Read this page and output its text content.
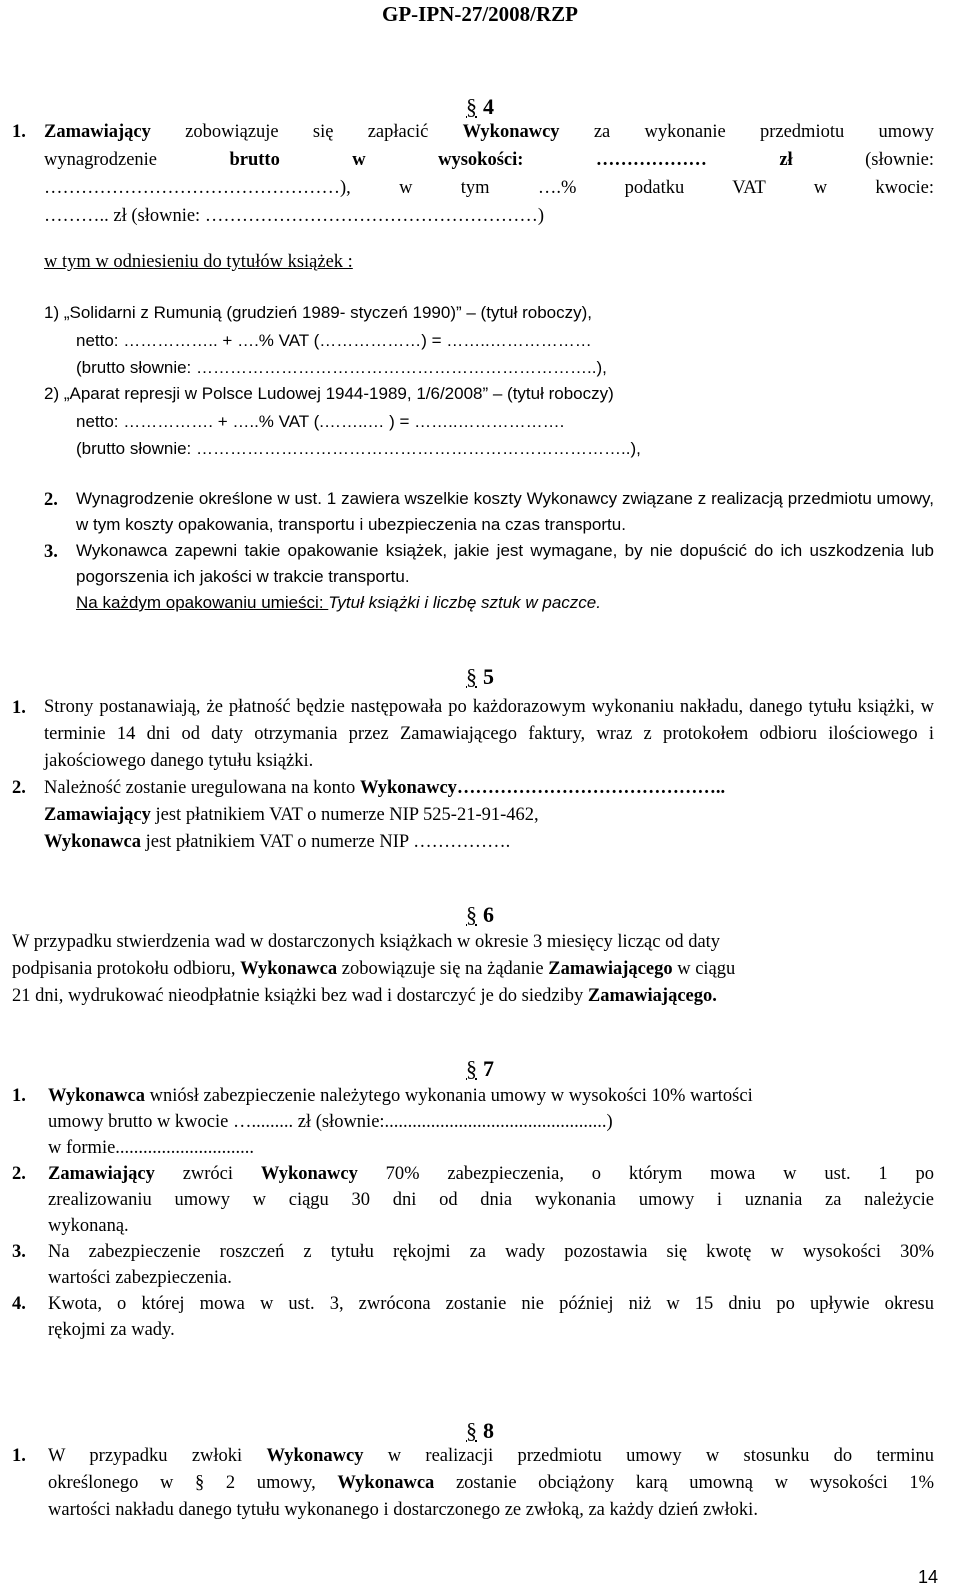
GP-IPN-27/2008/RZP
§ 4
1. Zamawiający zobowiązuje się zapłacić Wykonawcy za wykonanie przedmiotu umowy
wynagrodzenie brutto w wysokości: ……………… zł (słownie:
…………………………………………), w tym ….% podatku VAT w kwocie:
……….. zł (słownie: ………………………………………………)
w tym w odniesieniu do tytułów książek :
1) „Solidarni z Rumunią (grudzień 1989- styczeń 1990)” – (tytuł roboczy),
netto: …………….. + ….% VAT (………………) = ……..………………
(brutto słownie: ……………………………………………………………..),
2) „Aparat represji w Polsce Ludowej 1944-1989, 1/6/2008” – (tytuł roboczy)
netto: ……………. + …..% VAT (.……..… ) = ……..……………….
(brutto słownie: …………………………………………………………………..),
2. Wynagrodzenie określone w ust. 1 zawiera wszelkie koszty Wykonawcy związane z realizacją przedmiotu umowy, w tym koszty opakowania, transportu i ubezpieczenia na czas transportu.
3. Wykonawca zapewni takie opakowanie książek, jakie jest wymagane, by nie dopuścić do ich uszkodzenia lub pogorszenia ich jakości w trakcie transportu.
Na każdym opakowaniu umieści: Tytuł książki i liczbę sztuk w paczce.
§ 5
1. Strony postanawiają, że płatność będzie następowała po każdorazowym wykonaniu nakładu, danego tytułu książki, w terminie 14 dni od daty otrzymania przez Zamawiającego faktury, wraz z protokołem odbioru ilościowego i jakościowego danego tytułu książki.
2. Należność zostanie uregulowana na konto Wykonawcy……………………………………..
Zamawiający jest płatnikiem VAT o numerze NIP 525-21-91-462,
Wykonawca jest płatnikiem VAT o numerze NIP …………….
§ 6
W przypadku stwierdzenia wad w dostarczonych książkach w okresie 3 miesięcy licząc od daty
podpisania protokołu odbioru, Wykonawca zobowiązuje się na żądanie Zamawiającego w ciągu
21 dni, wydrukować nieodpłatnie książki bez wad i dostarczyć je do siedziby Zamawiającego.
§ 7
1. Wykonawca wniósł zabezpieczenie należytego wykonania umowy w wysokości 10% wartości
umowy brutto w kwocie …......... zł (słownie:................................................)
w formie..............................
2. Zamawiający zwróci Wykonawcy 70% zabezpieczenia, o którym mowa w ust. 1 po
zrealizowaniu umowy w ciągu 30 dni od dnia wykonania umowy i uznania za należycie
wykonaną.
3. Na zabezpieczenie roszczeń z tytułu rękojmi za wady pozostawia się kwotę w wysokości 30%
wartości zabezpieczenia.
4. Kwota, o której mowa w ust. 3, zwrócona zostanie nie później niż w 15 dniu po upływie okresu
rękojmi za wady.
§ 8
1. W przypadku zwłoki Wykonawcy w realizacji przedmiotu umowy w stosunku do terminu
określonego w § 2 umowy, Wykonawca zostanie obciążony karą umowną w wysokości 1%
wartości nakładu danego tytułu wykonanego i dostarczonego ze zwłoką, za każdy dzień zwłoki.
14
